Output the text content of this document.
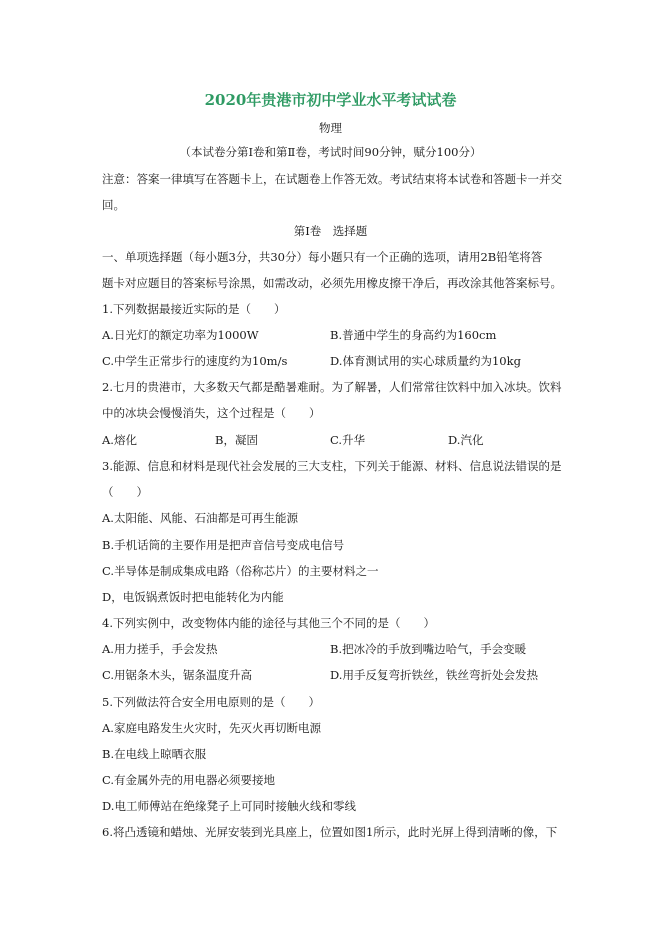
2020年贵港市初中学业水平考试试卷
物理
（本试卷分第Ⅰ卷和第Ⅱ卷，考试时间90分钟，赋分100分）
注意：答案一律填写在答题卡上，在试题卷上作答无效。考试结束将本试卷和答题卡一并交
回。
第Ⅰ卷　选择题
一、单项选择题（每小题3分，共30分）每小题只有一个正确的选项，请用2B铅笔将答
题卡对应题目的答案标号涂黑，如需改动，必须先用橡皮擦干净后，再改涂其他答案标号。
1.下列数据最接近实际的是（　　）
A.日光灯的额定功率为1000W	B.普通中学生的身高约为160cm
C.中学生正常步行的速度约为10m/s	D.体育测试用的实心球质量约为10kg
2.七月的贵港市，大多数天气都是酷暑难耐。为了解暑，人们常常往饮料中加入冰块。饮料
中的冰块会慢慢消失，这个过程是（　　）
A.熔化	B，凝固	C.升华	D.汽化
3.能源、信息和材料是现代社会发展的三大支柱，下列关于能源、材料、信息说法错误的是
（　　）
A.太阳能、风能、石油都是可再生能源
B.手机话筒的主要作用是把声音信号变成电信号
C.半导体是制成集成电路（俗称芯片）的主要材料之一
D，电饭锅煮饭时把电能转化为内能
4.下列实例中，改变物体内能的途径与其他三个不同的是（　　）
A.用力搓手，手会发热	B.把冰冷的手放到嘴边哈气，手会变暖
C.用锯条木头，锯条温度升高	D.用手反复弯折铁丝，铁丝弯折处会发热
5.下列做法符合安全用电原则的是（　　）
A.家庭电路发生火灾时，先灭火再切断电源
B.在电线上晾晒衣服
C.有金属外壳的用电器必须要接地
D.电工师傅站在绝缘凳子上可同时接触火线和零线
6.将凸透镜和蜡烛、光屏安装到光具座上，位置如图1所示，此时光屏上得到清晰的像，下
